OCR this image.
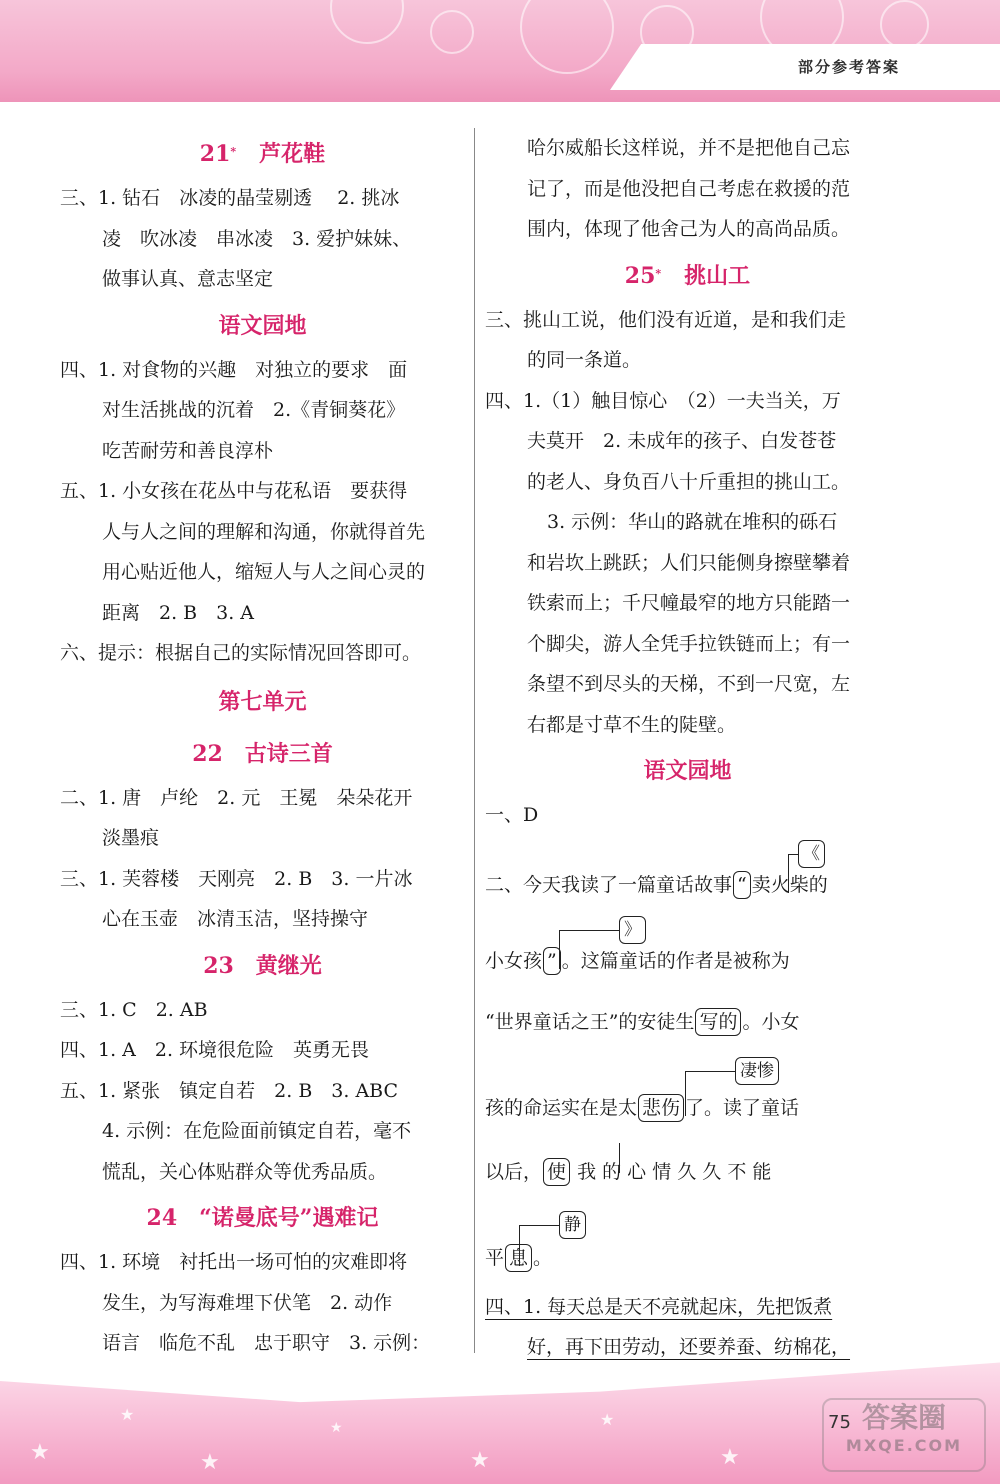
部分参考答案
21* 芦花鞋

三、1. 钻石　冰凌的晶莹剔透　 2. 挑冰

凌　吹冰凌　串冰凌　3. 爱护妹妹、

做事认真、意志坚定

语文园地

四、1. 对食物的兴趣　对独立的要求　面

对生活挑战的沉着　2.《青铜葵花》

吃苦耐劳和善良淳朴

五、1. 小女孩在花丛中与花私语　要获得

人与人之间的理解和沟通，你就得首先

用心贴近他人，缩短人与人之间心灵的

距离　2. B　3. A

六、提示：根据自己的实际情况回答即可。

第七单元
22　古诗三首

二、1. 唐　卢纶　2. 元　王冕　朵朵花开

淡墨痕

三、1. 芙蓉楼　天刚亮　2. B　3. 一片冰

心在玉壶　冰清玉洁，坚持操守

23　黄继光

三、1. C　2. AB

四、1. A　2. 环境很危险　英勇无畏

五、1. 紧张　镇定自若　2. B　3. ABC

4. 示例：在危险面前镇定自若，毫不

慌乱，关心体贴群众等优秀品质。

24　“诺曼底号”遇难记

四、1. 环境　衬托出一场可怕的灾难即将

发生，为写海难埋下伏笔　2. 动作

语言　临危不乱　忠于职守　3. 示例：

哈尔威船长这样说，并不是把他自己忘

记了，而是他没把自己考虑在救援的范

围内，体现了他舍己为人的高尚品质。

25* 挑山工

三、挑山工说，他们没有近道，是和我们走

的同一条道。

四、1.（1）触目惊心　（2）一夫当关，万

夫莫开　2. 未成年的孩子、白发苍苍

的老人、身负百八十斤重担的挑山工。

3. 示例：华山的路就在堆积的砾石

和岩坎上跳跃；人们只能侧身擦壁攀着

铁索而上；千尺幢最窄的地方只能踏一

个脚尖，游人全凭手拉铁链而上；有一

条望不到尽头的天梯，不到一尺宽，左

右都是寸草不生的陡壁。

语文园地

一、D

二、今天我读了一篇童话故事 “ 卖火柴的
《
小女孩 ” 。这篇童话的作者是被称为
》
“世界童话之王”的安徒生 写的 。小女
孩的命运实在是太 悲伤 了。读了童话
凄惨
以后， 使 我 的 心 情 久 久 不 能
平 息 。
静

四、1. 每天总是天不亮就起床，先把饭煮

好，再下田劳动，还要养蚕、纺棉花，

★
★
★
★
★
★
★
75 答案圈
MXQE.COM
